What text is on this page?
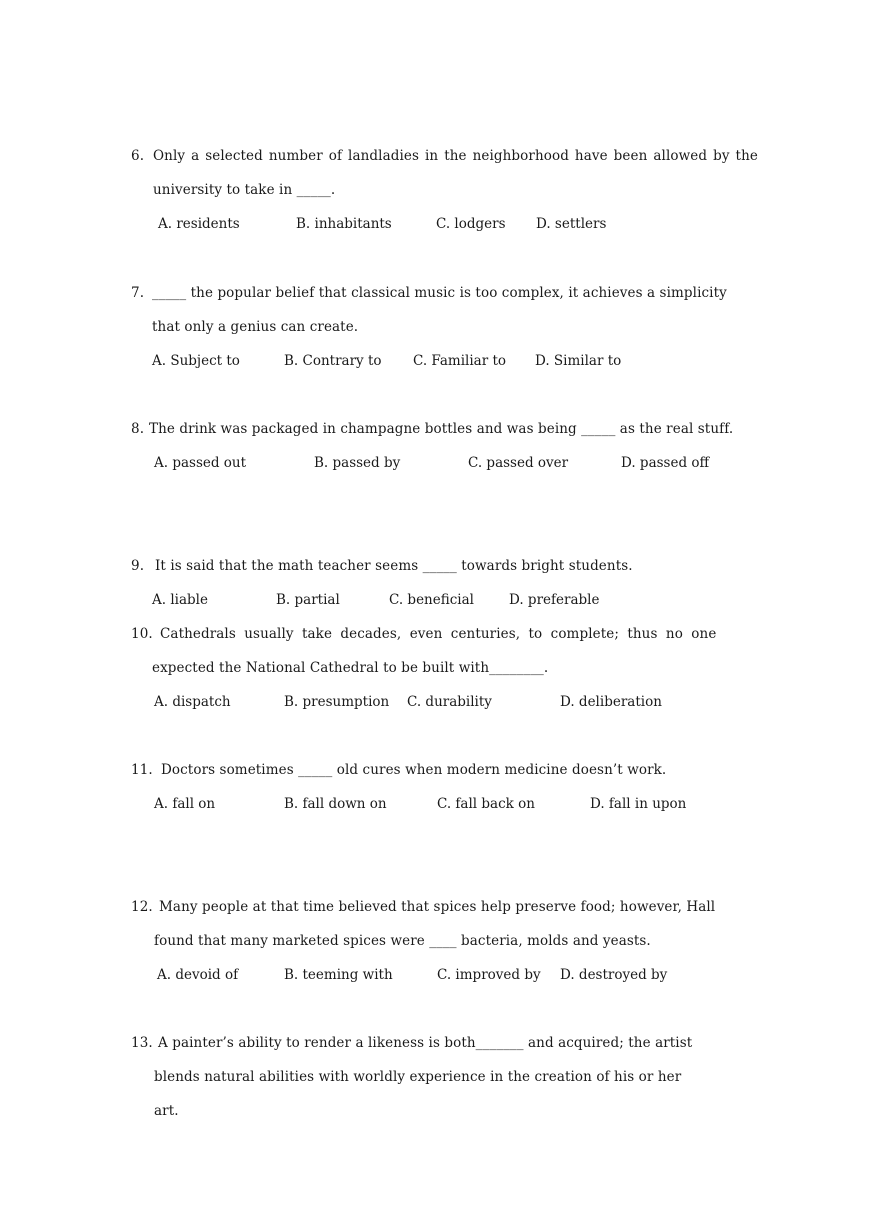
6. Only a selected number of landladies in the neighborhood have been allowed by the
university to take in _____.
A. residents	B. inhabitants	C. lodgers D. settlers
7. _____ the popular belief that classical music is too complex, it achieves a simplicity
that only a genius can create.
A. Subject to	B. Contrary to C. Familiar to D. Similar to
8. The drink was packaged in champagne bottles and was being _____ as the real stuff.
A. passed out	B. passed by	C. passed over	D. passed off
9. It is said that the math teacher seems _____ towards bright students.
A. liable	B. partial	C. beneficial	D. preferable
10. Cathedrals usually take decades, even centuries, to complete; thus no one
expected the National Cathedral to be built with________.
A. dispatch	B. presumption C. durability	D. deliberation
11. Doctors sometimes _____ old cures when modern medicine doesn’t work.
A. fall on	B. fall down on	C. fall back on	D. fall in upon
12. Many people at that time believed that spices help preserve food; however, Hall
found that many marketed spices were ____ bacteria, molds and yeasts.
A. devoid of	B. teeming with	C. improved by D. destroyed by
13. A painter’s ability to render a likeness is both_______ and acquired; the artist
blends natural abilities with worldly experience in the creation of his or her
art.
